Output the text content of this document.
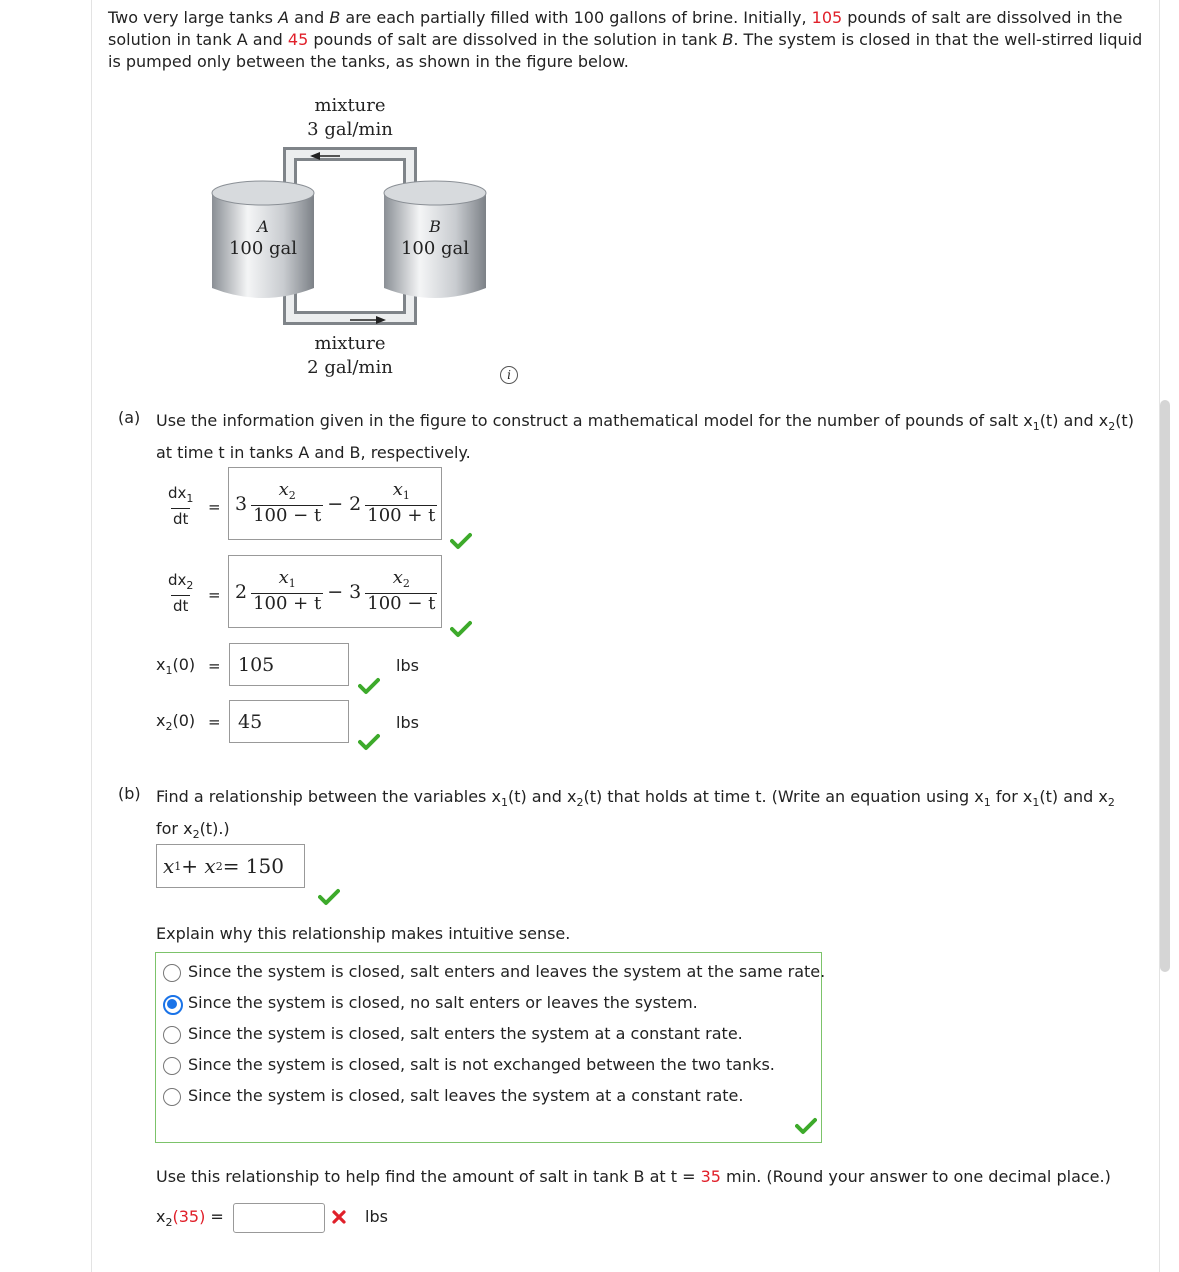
Two very large tanks A and B are each partially filled with 100 gallons of brine. Initially, 105 pounds of salt are dissolved in the
solution in tank A and 45 pounds of salt are dissolved in the solution in tank B. The system is closed in that the well-stirred liquid
is pumped only between the tanks, as shown in the figure below.
mixture
3 gal/min
mixture
2 gal/min
A
100 gal
B
100 gal
i
(a) Use the information given in the figure to construct a mathematical model for the number of pounds of salt $x_1(t)$ and $x_2(t)$
at time t in tanks A and B, respectively.
$\frac{dx_1}{dt} = 3 \frac{x_2}{100 - t} - 2 \frac{x_1}{100 + t}$
$\frac{dx_2}{dt} = 2 \frac{x_1}{100 + t} - 3 \frac{x_2}{100 - t}$
$x_1(0) = 105$	lbs
$x_2(0) = 45$	lbs
(b) Find a relationship between the variables $x_1(t)$ and $x_2(t)$ that holds at time t. (Write an equation using $x_1$ for $x_1(t)$ and $x_2$
for $x_2(t)$.)
x 1 + x 2 = 150
Explain why this relationship makes intuitive sense.
Since the system is closed, salt enters and leaves the system at the same rate.
Since the system is closed, no salt enters or leaves the system.
Since the system is closed, salt enters the system at a constant rate.
Since the system is closed, salt is not exchanged between the two tanks.
Since the system is closed, salt leaves the system at a constant rate.
Use this relationship to help find the amount of salt in tank B at t = 35 min. (Round your answer to one decimal place.)
$x_2(35)$ =	lbs
